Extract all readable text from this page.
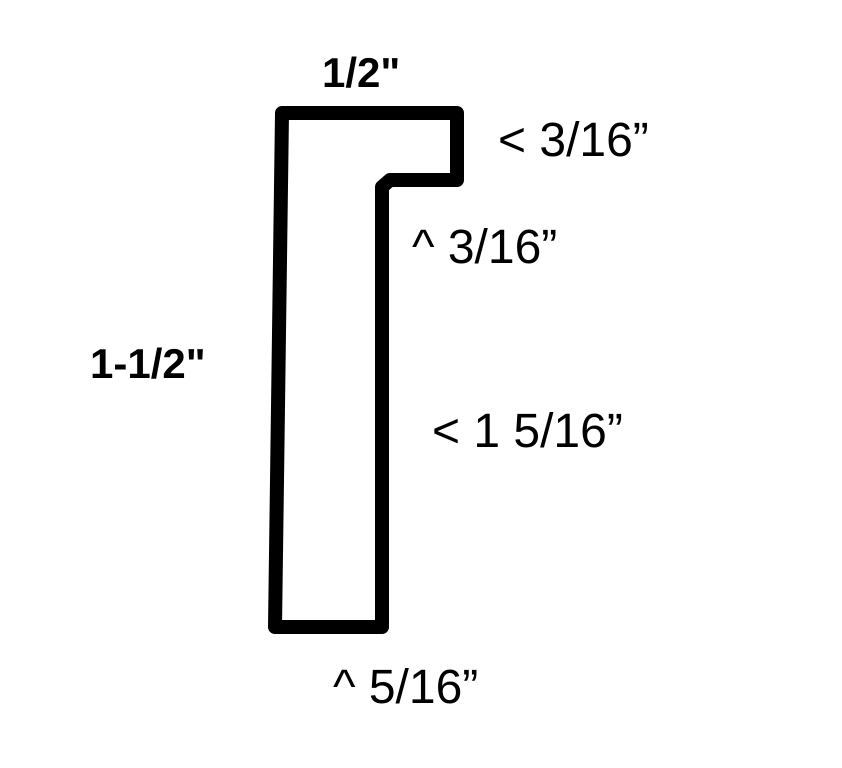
1/2"
< 3/16”
^ 3/16”
1-1/2"
< 1 5/16”
^ 5/16”
